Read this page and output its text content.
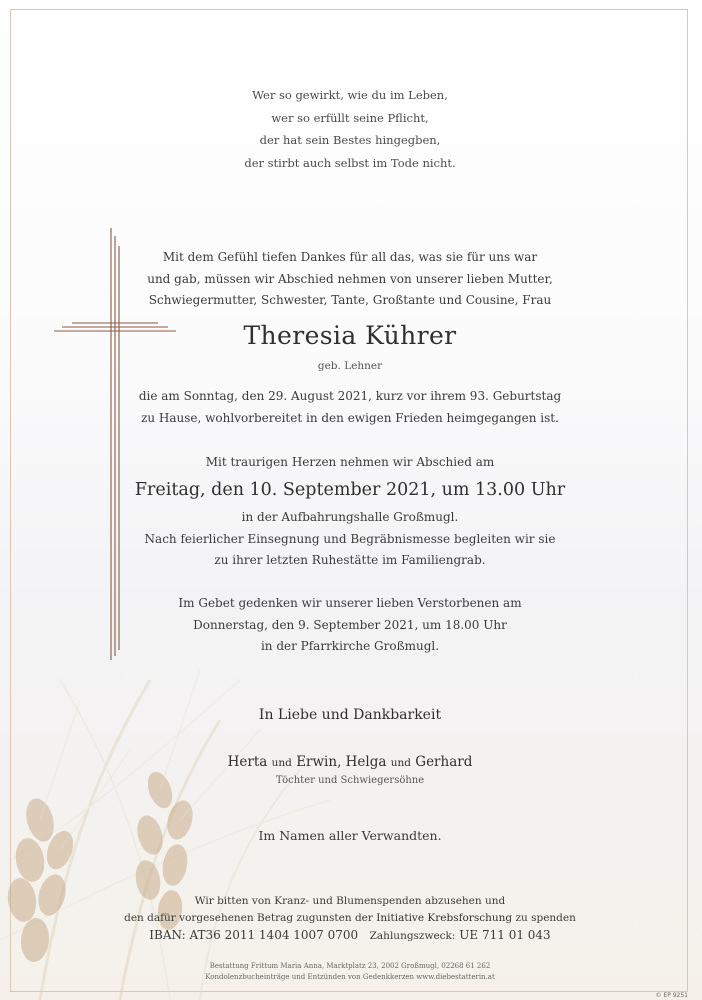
Wer so gewirkt, wie du im Leben,
wer so erfüllt seine Pflicht,
der hat sein Bestes hingegben,
der stirbt auch selbst im Tode nicht.
Mit dem Gefühl tiefen Dankes für all das, was sie für uns war
und gab, müssen wir Abschied nehmen von unserer lieben Mutter,
Schwiegermutter, Schwester, Tante, Großtante und Cousine, Frau
Theresia Kührer
geb. Lehner
die am Sonntag, den 29. August 2021, kurz vor ihrem 93. Geburtstag
zu Hause, wohlvorbereitet in den ewigen Frieden heimgegangen ist.
Mit traurigen Herzen nehmen wir Abschied am
Freitag, den 10. September 2021, um 13.00 Uhr
in der Aufbahrungshalle Großmugl.
Nach feierlicher Einsegnung und Begräbnismesse begleiten wir sie
zu ihrer letzten Ruhestätte im Familiengrab.
Im Gebet gedenken wir unserer lieben Verstorbenen am
Donnerstag, den 9. September 2021, um 18.00 Uhr
in der Pfarrkirche Großmugl.
In Liebe und Dankbarkeit
Herta und Erwin, Helga und Gerhard
Töchter und Schwiegersöhne
Im Namen aller Verwandten.
Wir bitten von Kranz- und Blumenspenden abzusehen und
den dafür vorgesehenen Betrag zugunsten der Initiative Krebsforschung zu spenden
IBAN: AT36 2011 1404 1007 0700 Zahlungszweck: UE 711 01 043
Bestattung Frittum Maria Anna, Marktplatz 23, 2002 Großmugl, 02268 61 262
Kondolenzbucheinträge und Entzünden von Gedenkkerzen www.diebestatterin.at
© EP 9251
